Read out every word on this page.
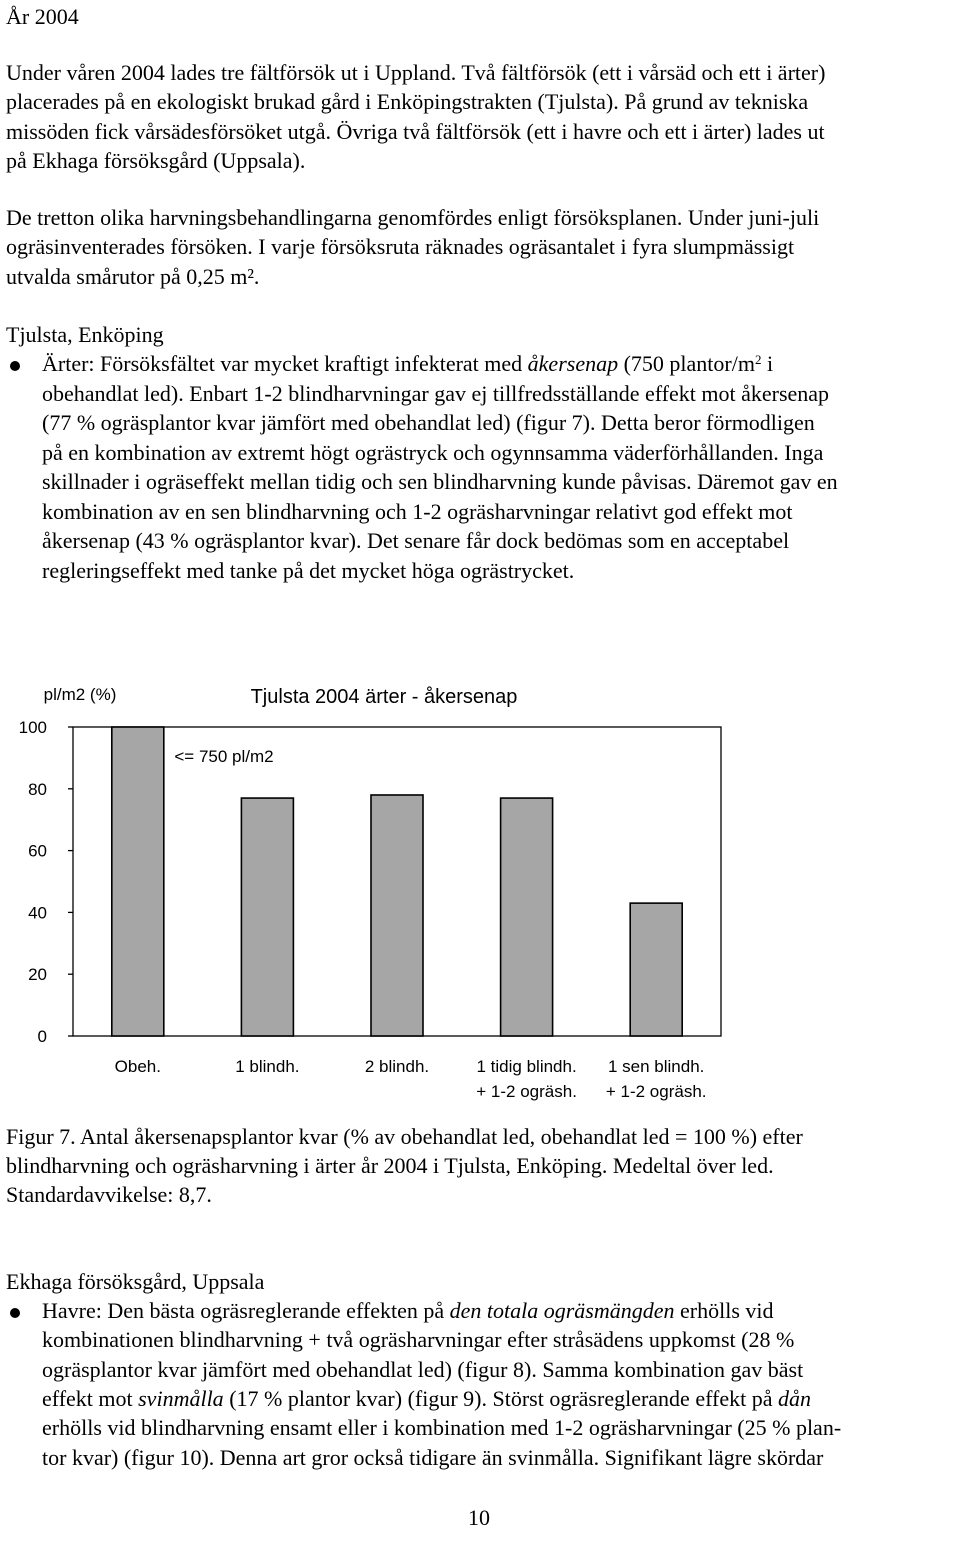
År 2004
Under våren 2004 lades tre fältförsök ut i Uppland. Två fältförsök (ett i vårsäd och ett i ärter)
placerades på en ekologiskt brukad gård i Enköpingstrakten (Tjulsta). På grund av tekniska
missöden fick vårsädesförsöket utgå. Övriga två fältförsök (ett i havre och ett i ärter) lades ut
på Ekhaga försöksgård (Uppsala).
De tretton olika harvningsbehandlingarna genomfördes enligt försöksplanen. Under juni-juli
ogräsinventerades försöken. I varje försöksruta räknades ogräsantalet i fyra slumpmässigt
utvalda smårutor på 0,25 m².
Tjulsta, Enköping
Ärter: Försöksfältet var mycket kraftigt infekterat med åkersenap (750 plantor/$m^2$ i
obehandlat led). Enbart 1-2 blindharvningar gav ej tillfredsställande effekt mot åkersenap
(77 % ogräsplantor kvar jämfört med obehandlat led) (figur 7). Detta beror förmodligen
på en kombination av extremt högt ogrästryck och ogynnsamma väderförhållanden. Inga
skillnader i ogräseffekt mellan tidig och sen blindharvning kunde påvisas. Däremot gav en
kombination av en sen blindharvning och 1-2 ogräsharvningar relativt god effekt mot
åkersenap (43 % ogräsplantor kvar). Det senare får dock bedömas som en acceptabel
regleringseffekt med tanke på det mycket höga ogrästrycket.
pl/m2 (%)	Tjulsta 2004 ärter - åkersenap
<= 750 pl/m2
0
20
40
60
80
100
Obeh.	1 blindh.	2 blindh.	1 tidig blindh.
+ 1-2 ogräsh.
1 sen blindh.
+ 1-2 ogräsh.
Figur 7. Antal åkersenapsplantor kvar (% av obehandlat led, obehandlat led = 100 %) efter
blindharvning och ogräsharvning i ärter år 2004 i Tjulsta, Enköping. Medeltal över led.
Standardavvikelse: 8,7.
Ekhaga försöksgård, Uppsala
Havre: Den bästa ogräsreglerande effekten på den totala ogräsmängden erhölls vid
kombinationen blindharvning + två ogräsharvningar efter stråsädens uppkomst (28 %
ogräsplantor kvar jämfört med obehandlat led) (figur 8). Samma kombination gav bäst
effekt mot svinmålla (17 % plantor kvar) (figur 9). Störst ogräsreglerande effekt på dån
erhölls vid blindharvning ensamt eller i kombination med 1-2 ogräsharvningar (25 % plan-
tor kvar) (figur 10). Denna art gror också tidigare än svinmålla. Signifikant lägre skördar
10
